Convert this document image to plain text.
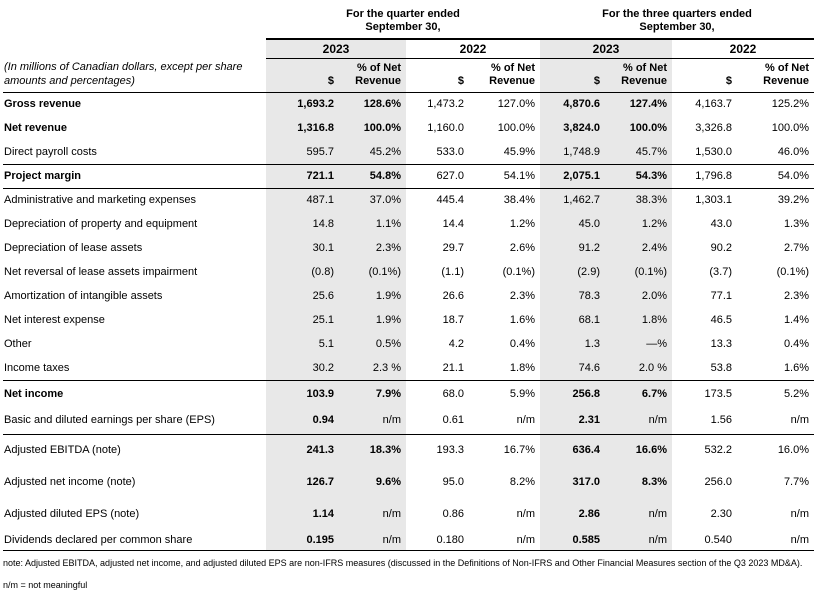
	For the quarter ended
September 30,				For the three quarters ended
September 30,			
	2023		2022		2023		2022	
(In millions of Canadian dollars, except per share amounts and percentages)	$	% of Net Revenue	$	% of Net Revenue	$	% of Net Revenue	$	% of Net Revenue
Gross revenue	1,693.2	128.6%	1,473.2	127.0%	4,870.6	127.4%	4,163.7	125.2%
Net revenue	1,316.8	100.0%	1,160.0	100.0%	3,824.0	100.0%	3,326.8	100.0%
Direct payroll costs	595.7	45.2%	533.0	45.9%	1,748.9	45.7%	1,530.0	46.0%
Project margin	721.1	54.8%	627.0	54.1%	2,075.1	54.3%	1,796.8	54.0%
Administrative and marketing expenses	487.1	37.0%	445.4	38.4%	1,462.7	38.3%	1,303.1	39.2%
Depreciation of property and equipment	14.8	1.1%	14.4	1.2%	45.0	1.2%	43.0	1.3%
Depreciation of lease assets	30.1	2.3%	29.7	2.6%	91.2	2.4%	90.2	2.7%
Net reversal of lease assets impairment	(0.8)	(0.1%)	(1.1)	(0.1%)	(2.9)	(0.1%)	(3.7)	(0.1%)
Amortization of intangible assets	25.6	1.9%	26.6	2.3%	78.3	2.0%	77.1	2.3%
Net interest expense	25.1	1.9%	18.7	1.6%	68.1	1.8%	46.5	1.4%
Other	5.1	0.5%	4.2	0.4%	1.3	—%	13.3	0.4%
Income taxes	30.2	2.3 %	21.1	1.8%	74.6	2.0 %	53.8	1.6%
Net income	103.9	7.9%	68.0	5.9%	256.8	6.7%	173.5	5.2%
Basic and diluted earnings per share (EPS)	0.94	n/m	0.61	n/m	2.31	n/m	1.56	n/m
Adjusted EBITDA (note)	241.3	18.3%	193.3	16.7%	636.4	16.6%	532.2	16.0%
Adjusted net income (note)	126.7	9.6%	95.0	8.2%	317.0	8.3%	256.0	7.7%
Adjusted diluted EPS (note)	1.14	n/m	0.86	n/m	2.86	n/m	2.30	n/m
Dividends declared per common share	0.195	n/m	0.180	n/m	0.585	n/m	0.540	n/m
note: Adjusted EBITDA, adjusted net income, and adjusted diluted EPS are non-IFRS measures (discussed in the Definitions of Non-IFRS and Other Financial Measures section of the Q3 2023 MD&A).
n/m = not meaningful
